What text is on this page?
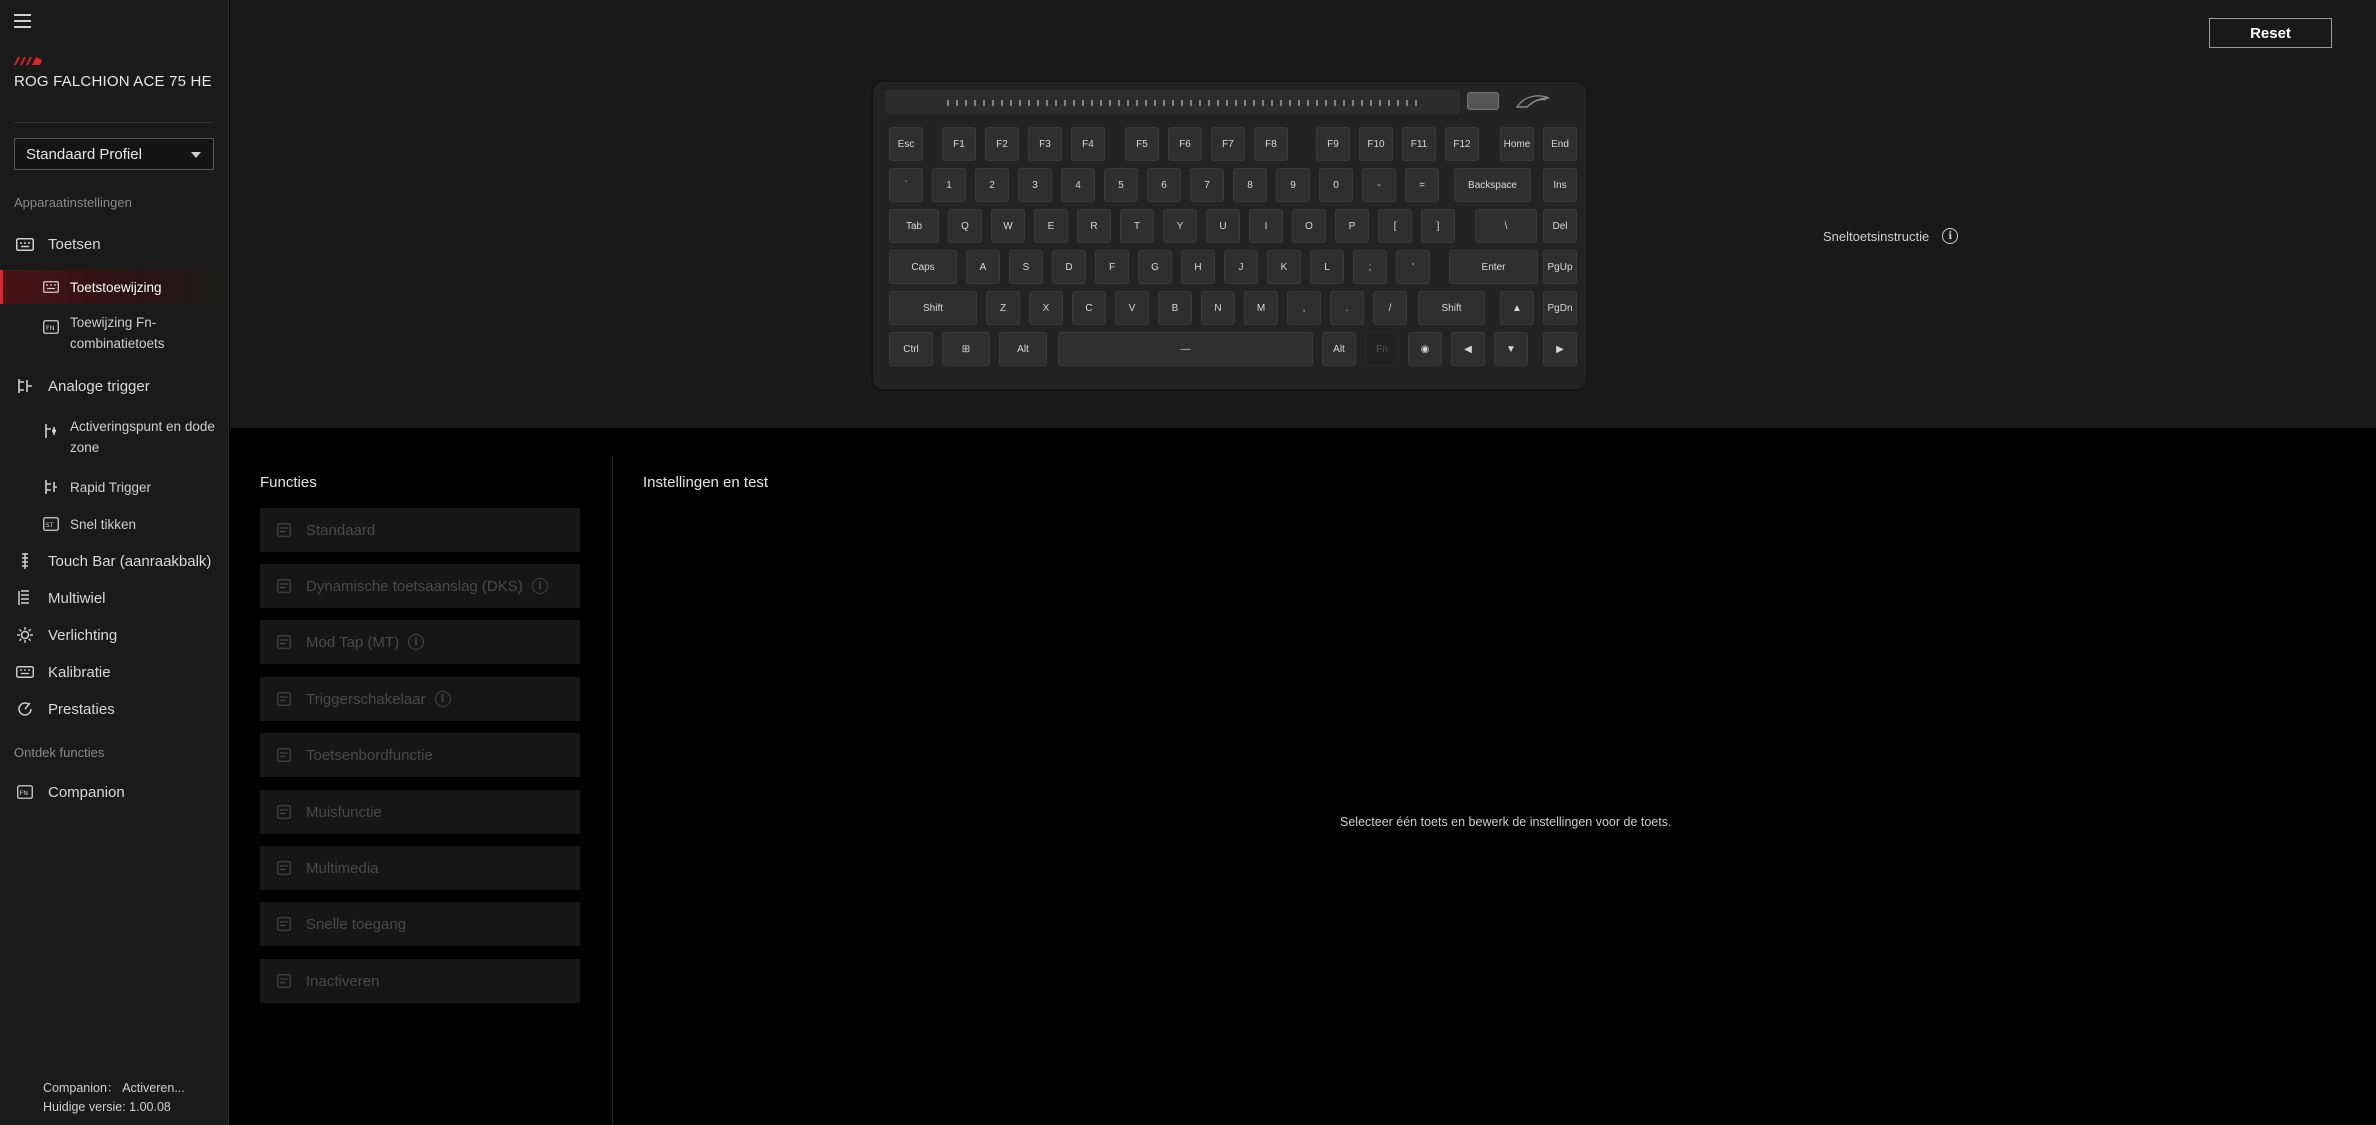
ROG FALCHION ACE 75 HE
Standaard Profiel
Apparaatinstellingen
Toetsen
Toetstoewijzing
FN Toewijzing Fn-combinatietoets
Analoge trigger
Activeringspunt en dode zone
Rapid Trigger
ST Snel tikken
Touch Bar (aanraakbalk)
Multiwiel
Verlichting
Kalibratie
Prestaties
Ontdek functies
FN Companion
Companion： Activeren...
Huidige versie: 1.00.08
Reset
Esc	F1	F2	F3	F4	F5	F6	F7	F8	F9	F10	F11	F12	Home	End
`	1	2	3	4	5	6	7	8	9	0	-	=	Backspace	Ins
Tab	Q	W	E	R	T	Y	U	I	O	P	[	]	\	Del
Caps	A	S	D	F	G	H	J	K	L	;	'	Enter	PgUp
Shift	Z	X	C	V	B	N	M	,	.	/	Shift	▲	PgDn
Ctrl	⊞	Alt	—	Alt	Fn	◉	◀	▼	▶
Sneltoetsinstructie	i
Functies
Standaard
Dynamische toetsaanslag (DKS)	i
Mod Tap (MT)	i
Triggerschakelaar	i
Toetsenbordfunctie
Muisfunctie
Multimedia
Snelle toegang
Inactiveren
Instellingen en test
Selecteer één toets en bewerk de instellingen voor de toets.
